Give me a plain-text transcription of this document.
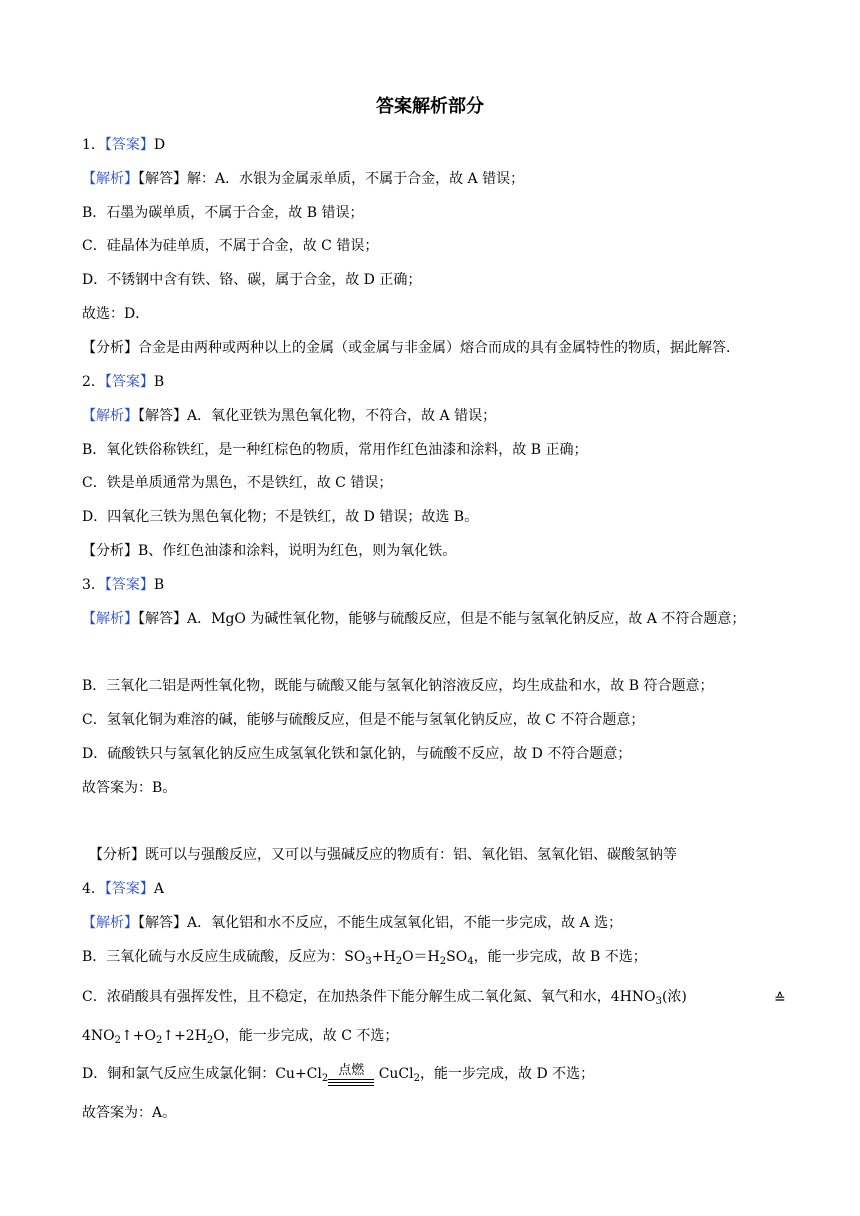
答案解析部分
1．【答案】D
【解析】【解答】解：A．水银为金属汞单质，不属于合金，故 A 错误；
B．石墨为碳单质，不属于合金，故 B 错误；
C．硅晶体为硅单质，不属于合金，故 C 错误；
D．不锈钢中含有铁、铬、碳，属于合金，故 D 正确；
故选：D．
【分析】合金是由两种或两种以上的金属（或金属与非金属）熔合而成的具有金属特性的物质，据此解答.
2．【答案】B
【解析】【解答】A．氧化亚铁为黑色氧化物，不符合，故 A 错误；
B．氧化铁俗称铁红，是一种红棕色的物质，常用作红色油漆和涂料，故 B 正确；
C．铁是单质通常为黑色，不是铁红，故 C 错误；
D．四氧化三铁为黑色氧化物；不是铁红，故 D 错误；故选 B。
【分析】B、作红色油漆和涂料，说明为红色，则为氧化铁。
3．【答案】B
【解析】【解答】A．MgO 为碱性氧化物，能够与硫酸反应，但是不能与氢氧化钠反应，故 A 不符合题意；
B．三氧化二铝是两性氧化物，既能与硫酸又能与氢氧化钠溶液反应，均生成盐和水，故 B 符合题意；
C．氢氧化铜为难溶的碱，能够与硫酸反应，但是不能与氢氧化钠反应，故 C 不符合题意；
D．硫酸铁只与氢氧化钠反应生成氢氧化铁和氯化钠，与硫酸不反应，故 D 不符合题意；
故答案为：B。
【分析】既可以与强酸反应，又可以与强碱反应的物质有：铝、氧化铝、氢氧化铝、碳酸氢钠等
4．【答案】A
【解析】【解答】A．氧化铝和水不反应，不能生成氢氧化铝，不能一步完成，故 A 选；
B．三氧化硫与水反应生成硫酸，反应为：$SO_3+H_2O=H_2SO_4$，能一步完成，故 B 不选；
C．浓硝酸具有强挥发性，且不稳定，在加热条件下能分解生成二氧化氮、氧气和水，$4HNO_3$(浓)	≙
$4NO_2↑+O_2↑+2H_2O$，能一步完成，故 C 不选；
D．铜和氯气反应生成氯化铜：$Cu+Cl_2$
点燃 CuCl$_2$，能一步完成，故 D 不选；
故答案为：A。
